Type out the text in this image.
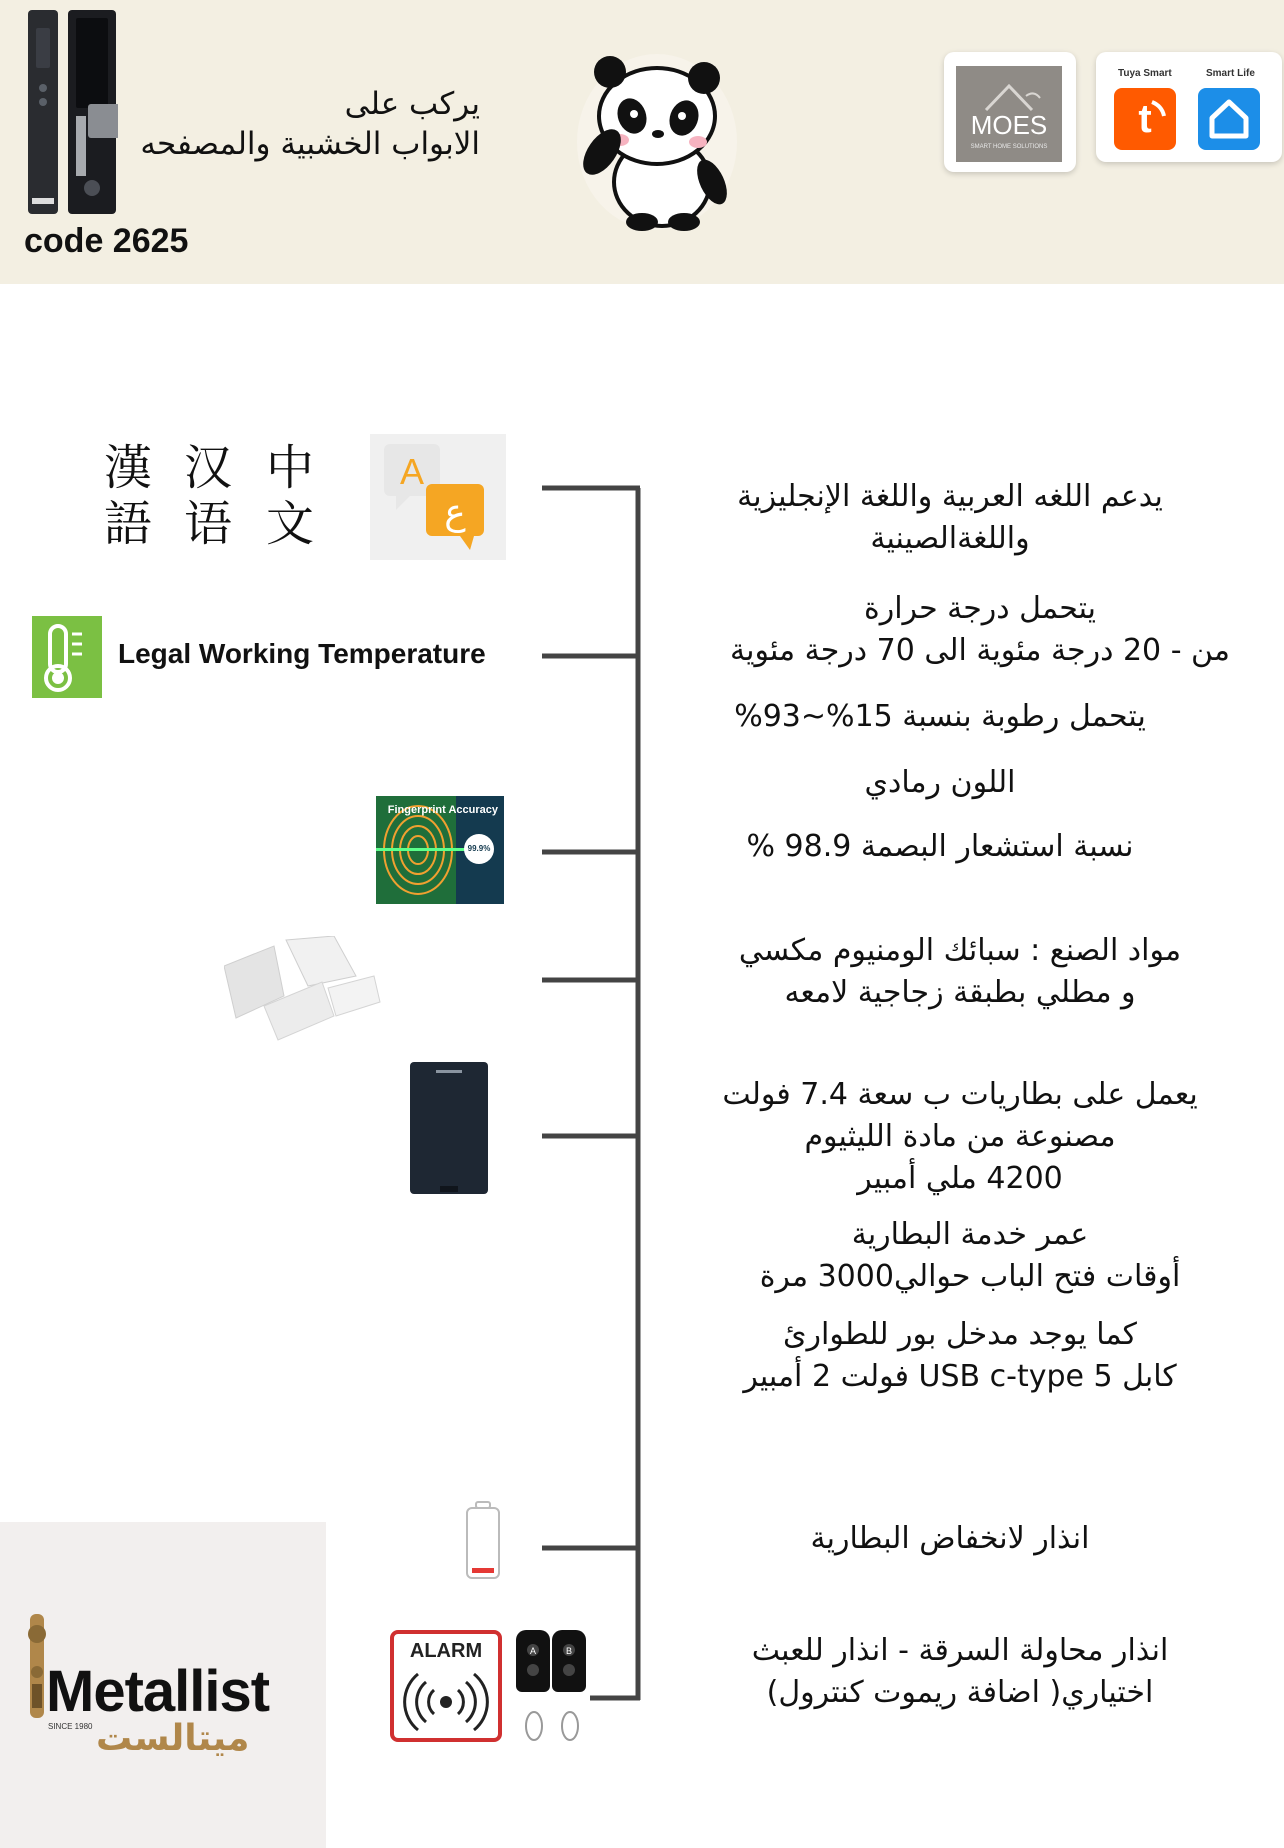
يركب على
الابواب الخشبية والمصفحه
code 2625
MOES
SMART HOME SOLUTIONS
Tuya Smart	Smart Life
t
漢語
汉语
中文
A
ع
Legal Working Temperature
Fingerprint Accuracy
99.9%
ALARM	A	B
يدعم اللغه العربية واللغة الإنجليزية
واللغةالصينية
يتحمل درجة حرارة
من - 20 درجة مئوية الى 70 درجة مئوية
يتحمل رطوبة بنسبة 15%~93%
اللون رمادي
نسبة استشعار البصمة 98.9 %
مواد الصنع : سبائك الومنيوم مكسي
و مطلي بطبقة زجاجية لامعه
يعمل على بطاريات ب سعة 7.4 فولت
مصنوعة من مادة الليثيوم
4200 ملي أمبير
عمر خدمة البطارية
أوقات فتح الباب حوالي3000 مرة
كما يوجد مدخل بور للطوارئ
كابل USB c-type 5 فولت 2 أمبير
انذار لانخفاض البطارية
انذار محاولة السرقة - انذار للعبث
اختياري( اضافة ريموت كنترول)
Metallist
SINCE 1980 ميتالست
